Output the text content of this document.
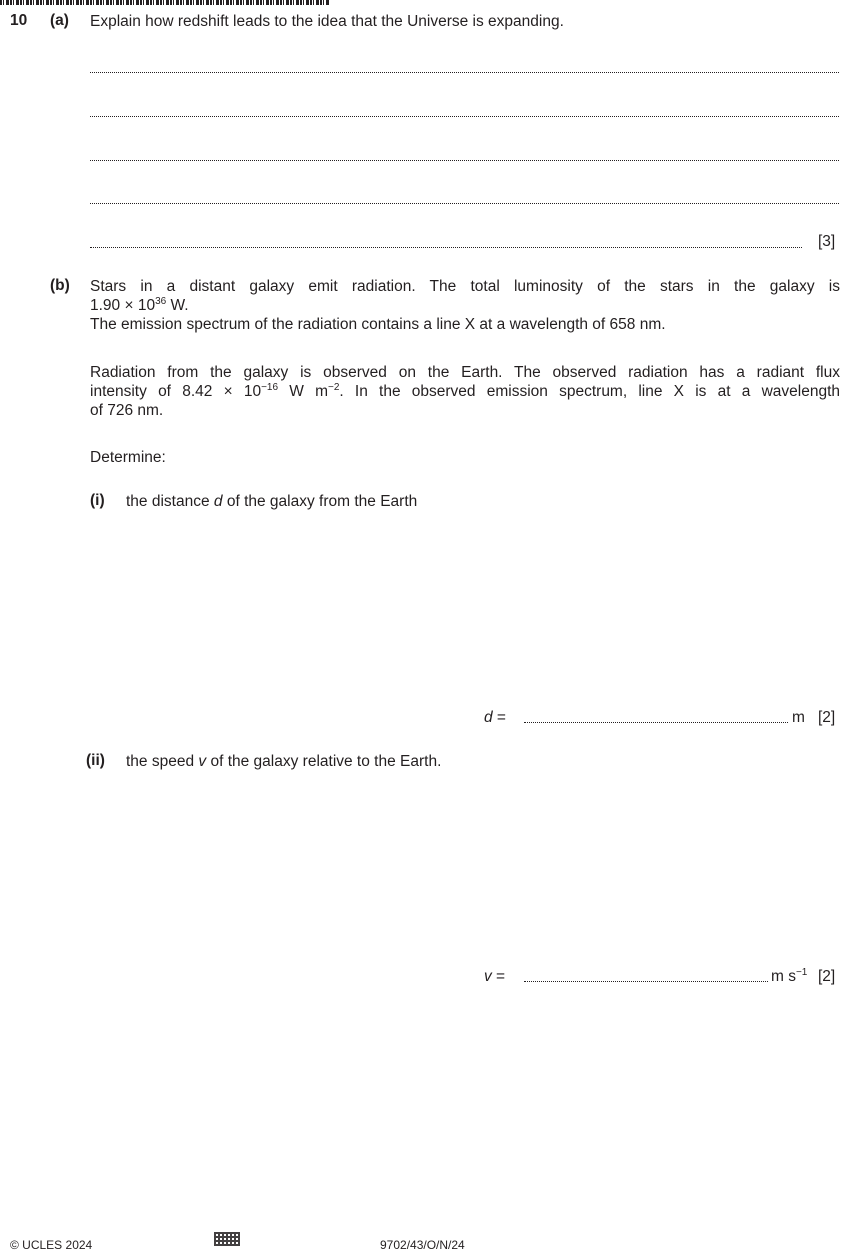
10 (a) Explain how redshift leads to the idea that the Universe is expanding.
[3]
(b) Stars in a distant galaxy emit radiation. The total luminosity of the stars in the galaxy is
$1.90 \times 10^{36}$ W.
The emission spectrum of the radiation contains a line X at a wavelength of 658 nm.
Radiation from the galaxy is observed on the Earth. The observed radiation has a radiant flux
intensity of $8.42 \times 10^{-16}$ W $m^{-2}$. In the observed emission spectrum, line X is at a wavelength
of 726 nm.
Determine:
(i) the distance d of the galaxy from the Earth
d =	m [2]
(ii) the speed v of the galaxy relative to the Earth.
v =	m $s^{-1}$ [2]
© UCLES 2024	9702/43/O/N/24
